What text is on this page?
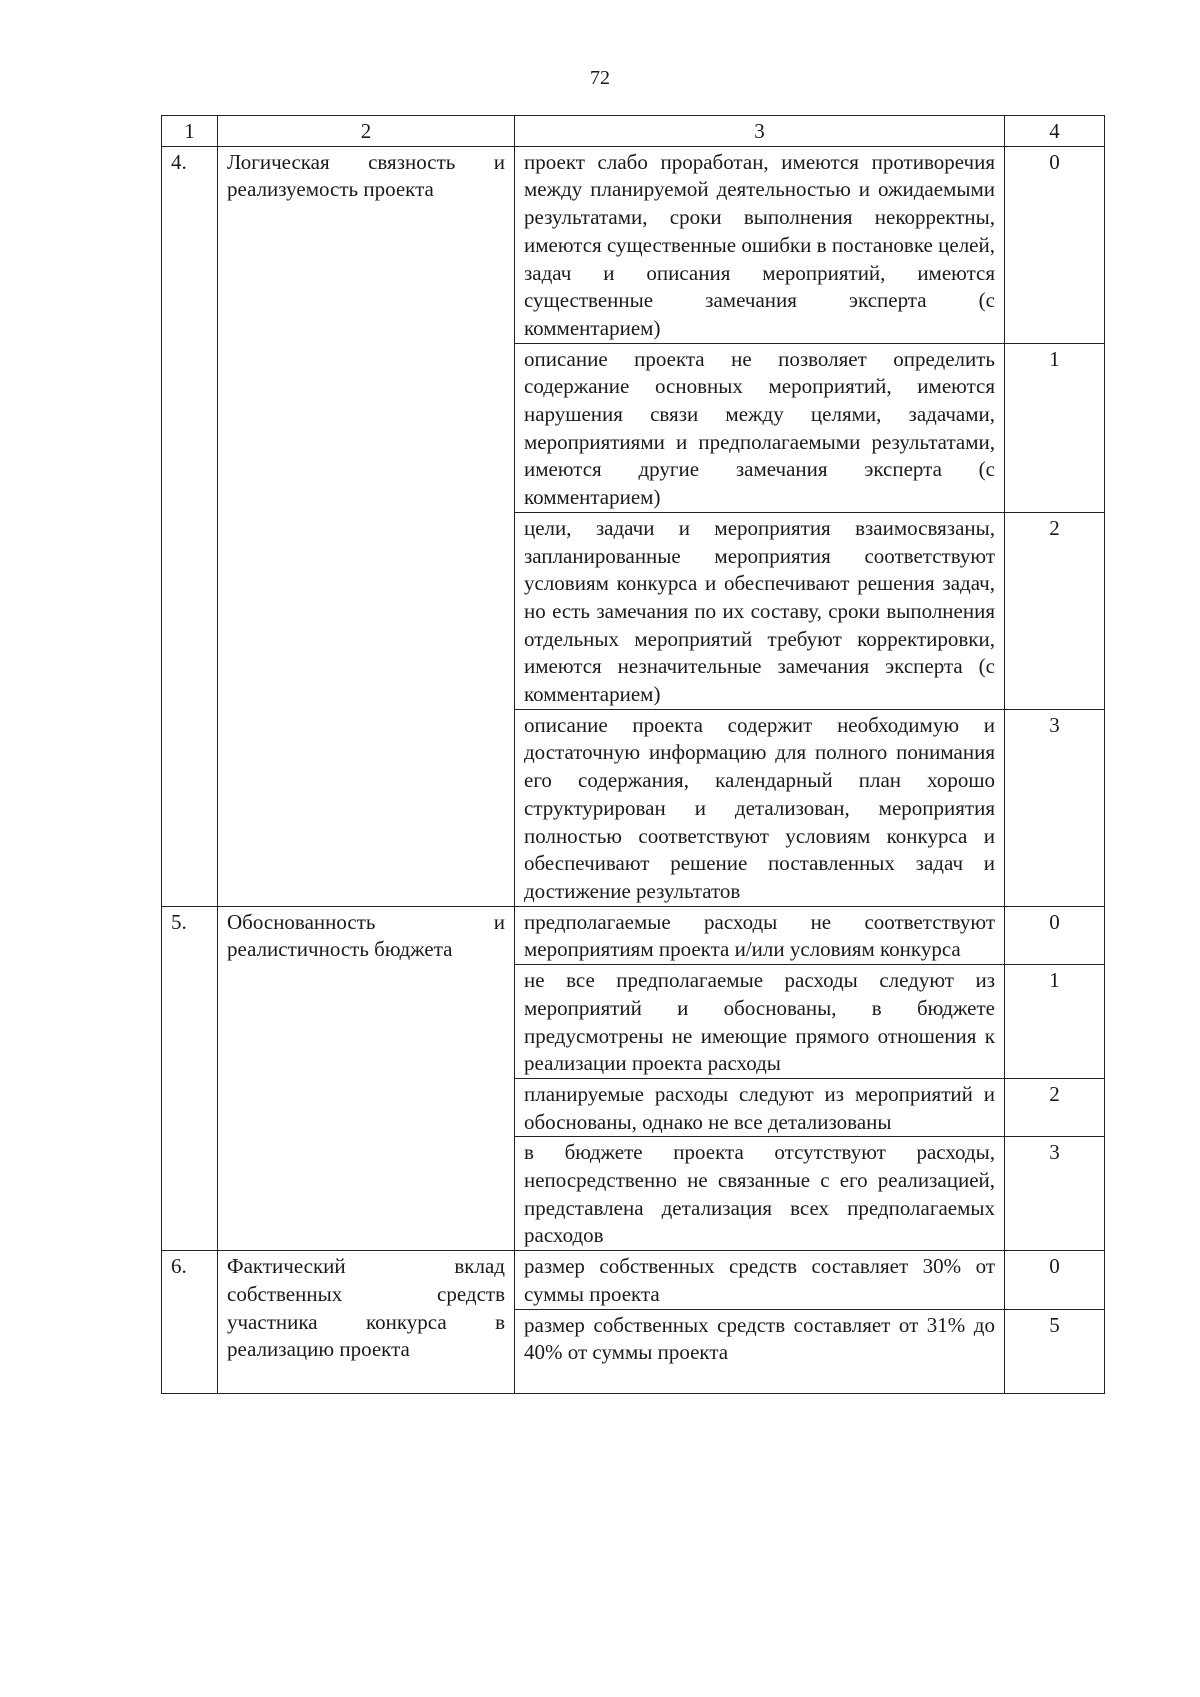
72
1	2	3	4
4.	Логическая связность и реализуемость проекта	проект слабо проработан, имеются противоречия между планируемой деятельностью и ожидаемыми результатами, сроки выполнения некорректны, имеются существенные ошибки в постановке целей, задач и описания мероприятий, имеются существенные замечания эксперта (с комментарием)	0
		описание проекта не позволяет определить содержание основных мероприятий, имеются нарушения связи между целями, задачами, мероприятиями и предполагаемыми результатами, имеются другие замечания эксперта (с комментарием)	1
		цели, задачи и мероприятия взаимосвязаны, запланированные мероприятия соответствуют условиям конкурса и обеспечивают решения задач, но есть замечания по их составу, сроки выполнения отдельных мероприятий требуют корректировки, имеются незначительные замечания эксперта (с комментарием)	2
		описание проекта содержит необходимую и достаточную информацию для полного понимания его содержания, календарный план хорошо структурирован и детализован, мероприятия полностью соответствуют условиям конкурса и обеспечивают решение поставленных задач и достижение результатов	3
5.	Обоснованность и реалистичность бюджета	предполагаемые расходы не соответствуют мероприятиям проекта и/или условиям конкурса	0
		не все предполагаемые расходы следуют из мероприятий и обоснованы, в бюджете предусмотрены не имеющие прямого отношения к реализации проекта расходы	1
		планируемые расходы следуют из мероприятий и обоснованы, однако не все детализованы	2
		в бюджете проекта отсутствуют расходы, непосредственно не связанные с его реализацией, представлена детализация всех предполагаемых расходов	3
6.	Фактический вклад собственных средств участника конкурса в реализацию проекта	размер собственных средств составляет 30% от суммы проекта	0
		размер собственных средств составляет от 31% до 40% от суммы проекта	5
